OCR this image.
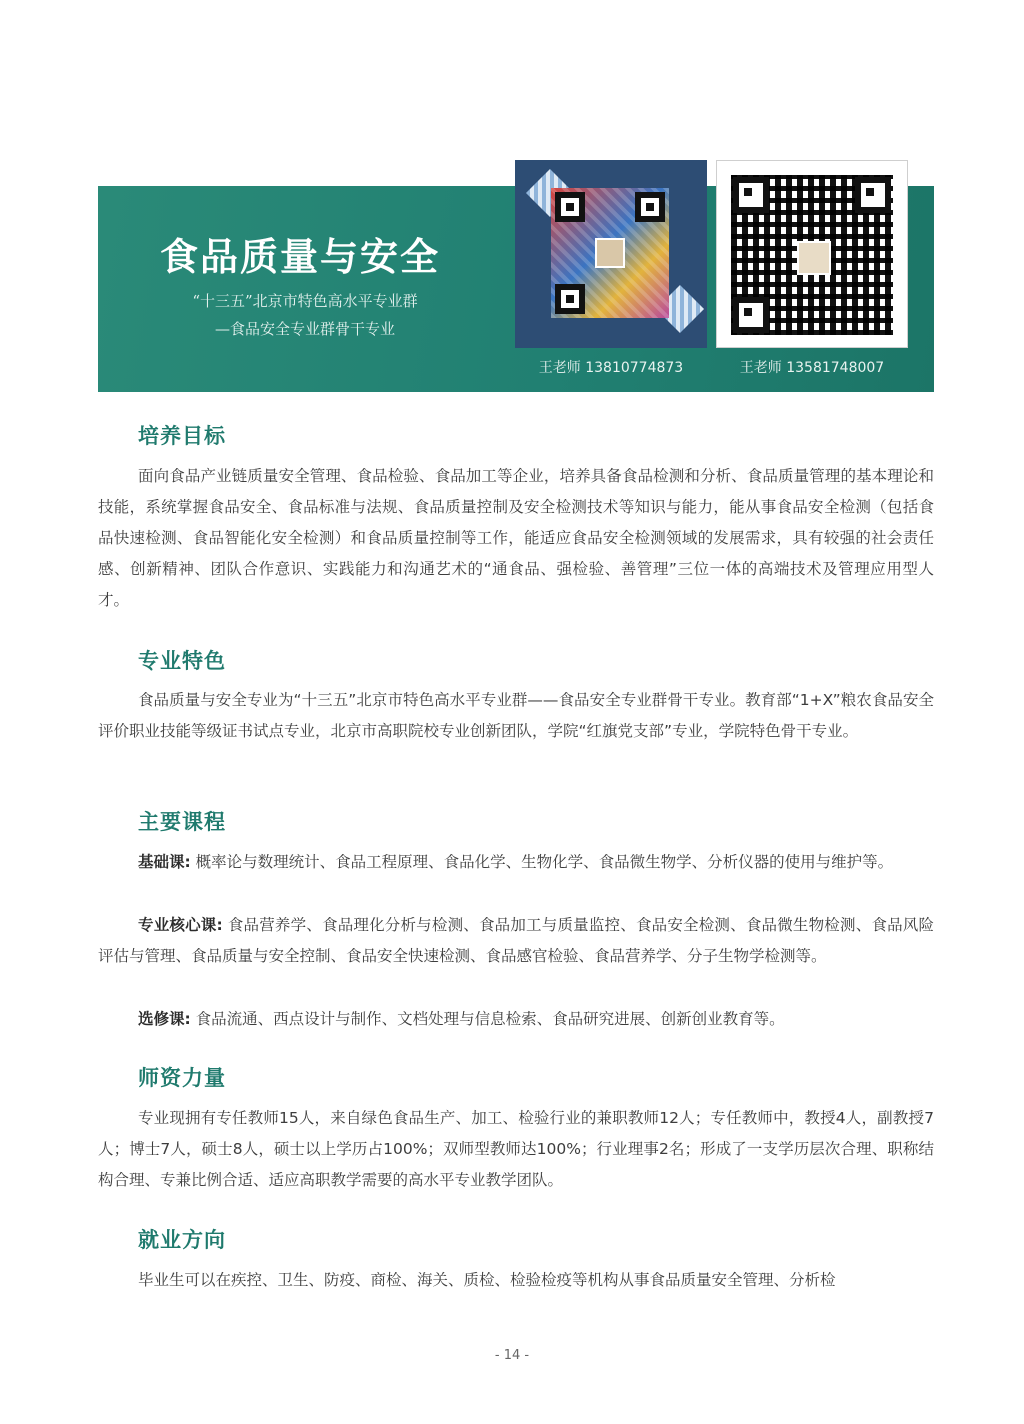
食品质量与安全
“十三五”北京市特色高水平专业群
—食品安全专业群骨干专业
王老师 13810774873	王老师 13581748007
培养目标

面向食品产业链质量安全管理、食品检验、食品加工等企业，培养具备食品检测和分析、食品质量管理的基本理论和技能，系统掌握食品安全、食品标准与法规、食品质量控制及安全检测技术等知识与能力，能从事食品安全检测（包括食品快速检测、食品智能化安全检测）和食品质量控制等工作，能适应食品安全检测领域的发展需求，具有较强的社会责任感、创新精神、团队合作意识、实践能力和沟通艺术的“通食品、强检验、善管理”三位一体的高端技术及管理应用型人才。

专业特色

食品质量与安全专业为“十三五”北京市特色高水平专业群——食品安全专业群骨干专业。教育部“1+X”粮农食品安全评价职业技能等级证书试点专业，北京市高职院校专业创新团队，学院“红旗党支部”专业，学院特色骨干专业。

主要课程

基础课: 概率论与数理统计、食品工程原理、食品化学、生物化学、食品微生物学、分析仪器的使用与维护等。

专业核心课: 食品营养学、食品理化分析与检测、食品加工与质量监控、食品安全检测、食品微生物检测、食品风险评估与管理、食品质量与安全控制、食品安全快速检测、食品感官检验、食品营养学、分子生物学检测等。

选修课: 食品流通、西点设计与制作、文档处理与信息检索、食品研究进展、创新创业教育等。

师资力量

专业现拥有专任教师15人，来自绿色食品生产、加工、检验行业的兼职教师12人；专任教师中，教授4人，副教授7人；博士7人，硕士8人，硕士以上学历占100%；双师型教师达100%；行业理事2名；形成了一支学历层次合理、职称结构合理、专兼比例合适、适应高职教学需要的高水平专业教学团队。

就业方向

毕业生可以在疾控、卫生、防疫、商检、海关、质检、检验检疫等机构从事食品质量安全管理、分析检

- 14 -
